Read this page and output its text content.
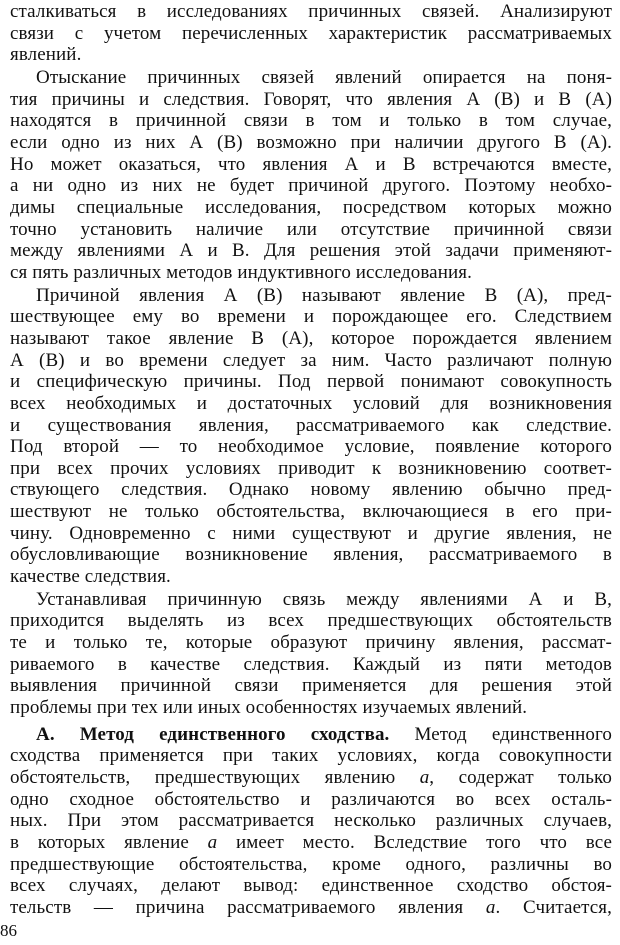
сталкиваться в исследованиях причинных связей. Анализируют
связи с учетом перечисленных характеристик рассматриваемых
явлений.
Отыскание причинных связей явлений опирается на поня-
тия причины и следствия. Говорят, что явления А (В) и В (А)
находятся в причинной связи в том и только в том случае,
если одно из них А (В) возможно при наличии другого В (А).
Но может оказаться, что явления А и В встречаются вместе,
а ни одно из них не будет причиной другого. Поэтому необхо-
димы специальные исследования, посредством которых можно
точно установить наличие или отсутствие причинной связи
между явлениями А и В. Для решения этой задачи применяют-
ся пять различных методов индуктивного исследования.
Причиной явления А (В) называют явление В (А), пред-
шествующее ему во времени и порождающее его. Следствием
называют такое явление В (А), которое порождается явлением
А (В) и во времени следует за ним. Часто различают полную
и специфическую причины. Под первой понимают совокупность
всех необходимых и достаточных условий для возникновения
и существования явления, рассматриваемого как следствие.
Под второй — то необходимое условие, появление которого
при всех прочих условиях приводит к возникновению соответ-
ствующего следствия. Однако новому явлению обычно пред-
шествуют не только обстоятельства, включающиеся в его при-
чину. Одновременно с ними существуют и другие явления, не
обусловливающие возникновение явления, рассматриваемого в
качестве следствия.
Устанавливая причинную связь между явлениями А и В,
приходится выделять из всех предшествующих обстоятельств
те и только те, которые образуют причину явления, рассмат-
риваемого в качестве следствия. Каждый из пяти методов
выявления причинной связи применяется для решения этой
проблемы при тех или иных особенностях изучаемых явлений.
А. Метод единственного сходства. Метод единственного
сходства применяется при таких условиях, когда совокупности
обстоятельств, предшествующих явлению a, содержат только
одно сходное обстоятельство и различаются во всех осталь-
ных. При этом рассматривается несколько различных случаев,
в которых явление a имеет место. Вследствие того что все
предшествующие обстоятельства, кроме одного, различны во
всех случаях, делают вывод: единственное сходство обстоя-
тельств — причина рассматриваемого явления a. Считается,
86
